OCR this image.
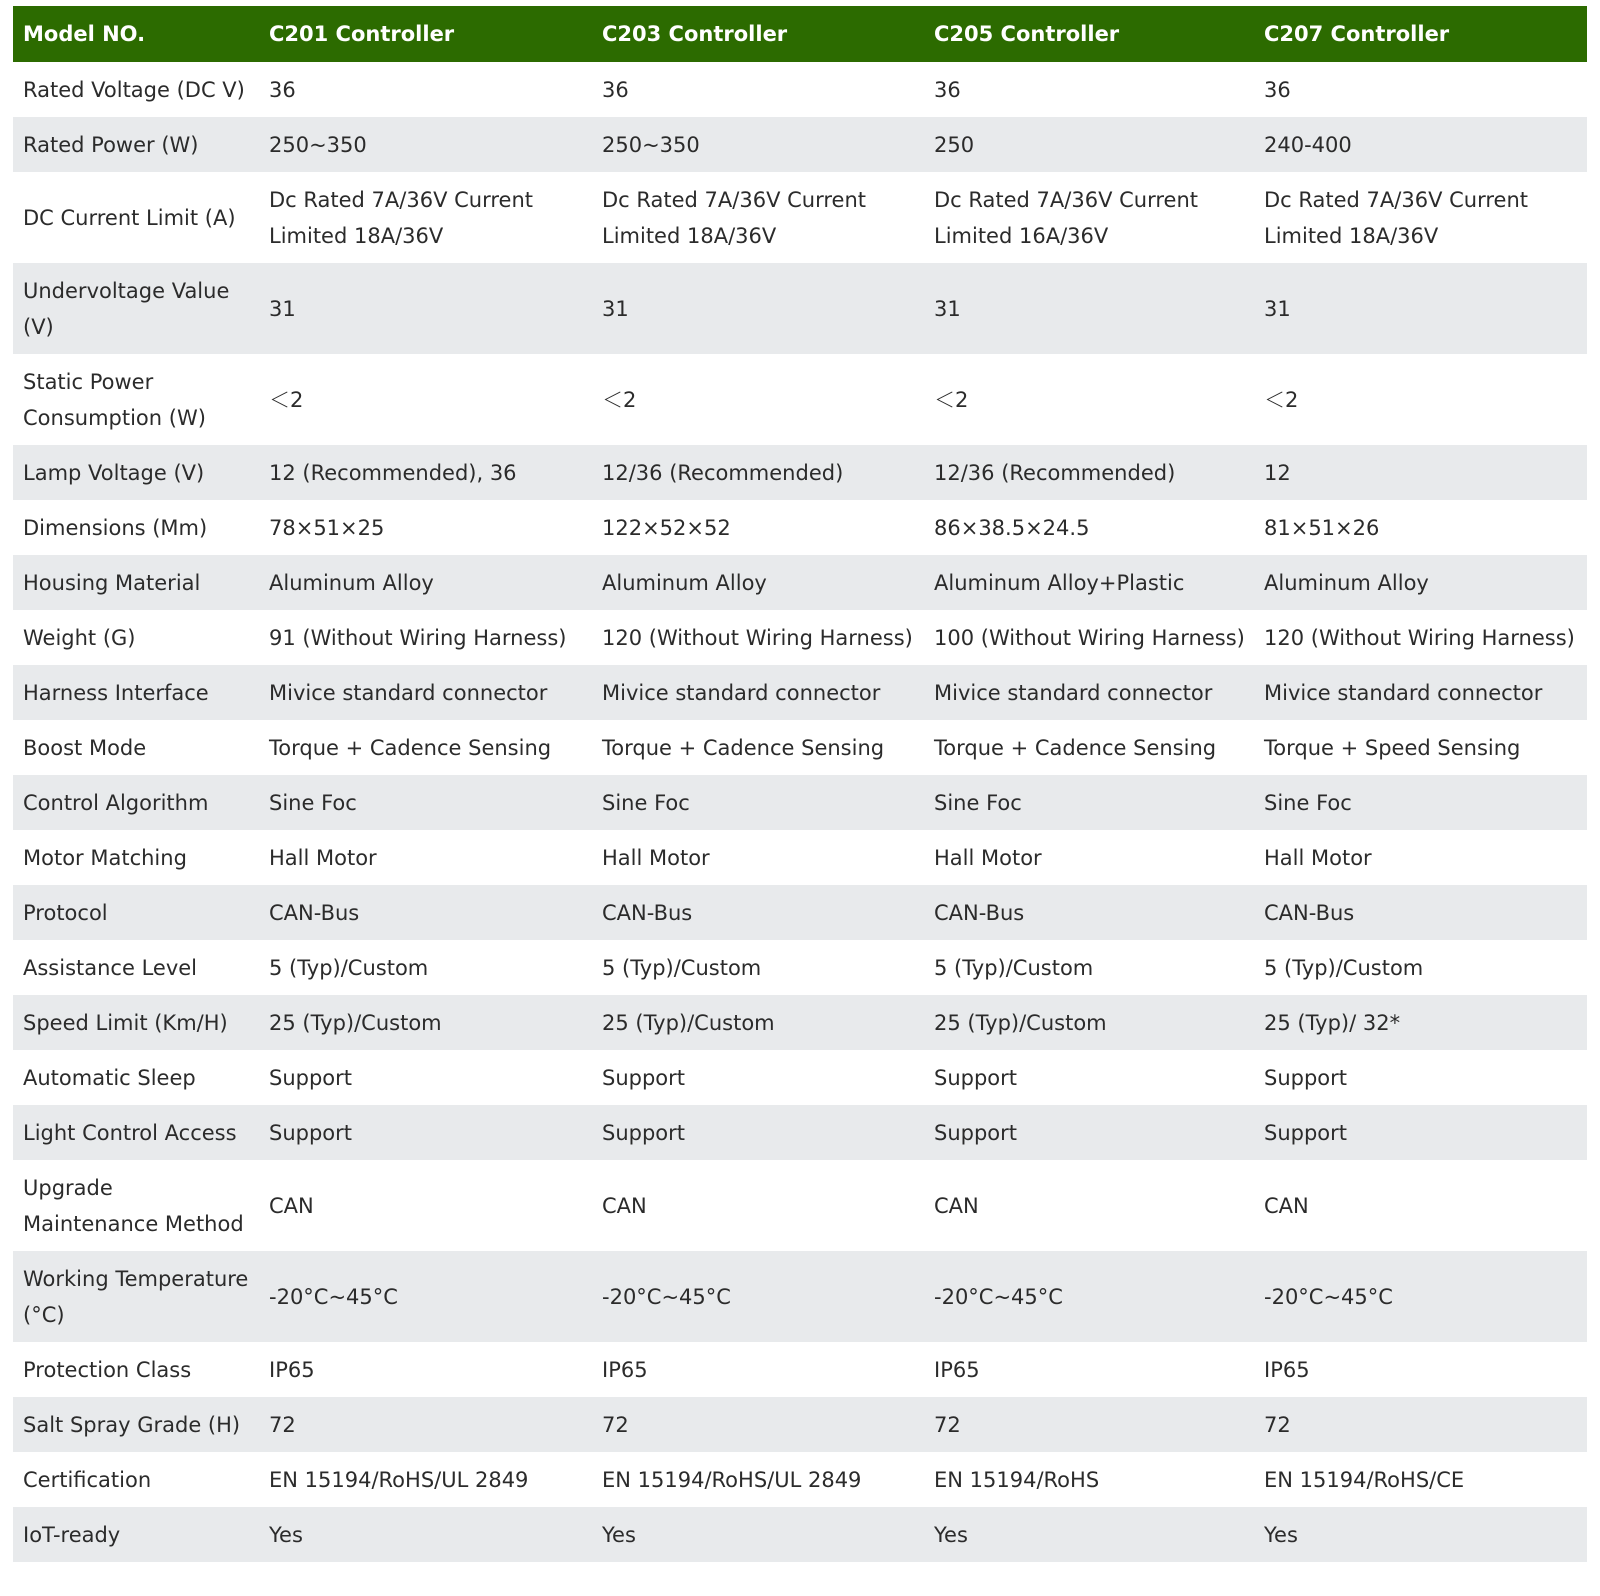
Model NO.	C201 Controller	C203 Controller	C205 Controller	C207 Controller
Rated Voltage (DC V)	36	36	36	36
Rated Power (W)	250~350	250~350	250	240-400
DC Current Limit (A)	Dc Rated 7A/36V Current Limited 18A/36V	Dc Rated 7A/36V Current Limited 18A/36V	Dc Rated 7A/36V Current Limited 16A/36V	Dc Rated 7A/36V Current Limited 18A/36V
Undervoltage Value (V)	31	31	31	31
Static Power Consumption (W)	＜2	＜2	＜2	＜2
Lamp Voltage (V)	12 (Recommended), 36	12/36 (Recommended)	12/36 (Recommended)	12
Dimensions (Mm)	78×51×25	122×52×52	86×38.5×24.5	81×51×26
Housing Material	Aluminum Alloy	Aluminum Alloy	Aluminum Alloy+Plastic	Aluminum Alloy
Weight (G)	91 (Without Wiring Harness)	120 (Without Wiring Harness)	100 (Without Wiring Harness)	120 (Without Wiring Harness)
Harness Interface	Mivice standard connector	Mivice standard connector	Mivice standard connector	Mivice standard connector
Boost Mode	Torque + Cadence Sensing	Torque + Cadence Sensing	Torque + Cadence Sensing	Torque + Speed Sensing
Control Algorithm	Sine Foc	Sine Foc	Sine Foc	Sine Foc
Motor Matching	Hall Motor	Hall Motor	Hall Motor	Hall Motor
Protocol	CAN-Bus	CAN-Bus	CAN-Bus	CAN-Bus
Assistance Level	5 (Typ)/Custom	5 (Typ)/Custom	5 (Typ)/Custom	5 (Typ)/Custom
Speed Limit (Km/H)	25 (Typ)/Custom	25 (Typ)/Custom	25 (Typ)/Custom	25 (Typ)/ 32*
Automatic Sleep	Support	Support	Support	Support
Light Control Access	Support	Support	Support	Support
Upgrade Maintenance Method	CAN	CAN	CAN	CAN
Working Temperature (°C)	-20°C~45°C	-20°C~45°C	-20°C~45°C	-20°C~45°C
Protection Class	IP65	IP65	IP65	IP65
Salt Spray Grade (H)	72	72	72	72
Certification	EN 15194/RoHS/UL 2849	EN 15194/RoHS/UL 2849	EN 15194/RoHS	EN 15194/RoHS/CE
IoT-ready	Yes	Yes	Yes	Yes
